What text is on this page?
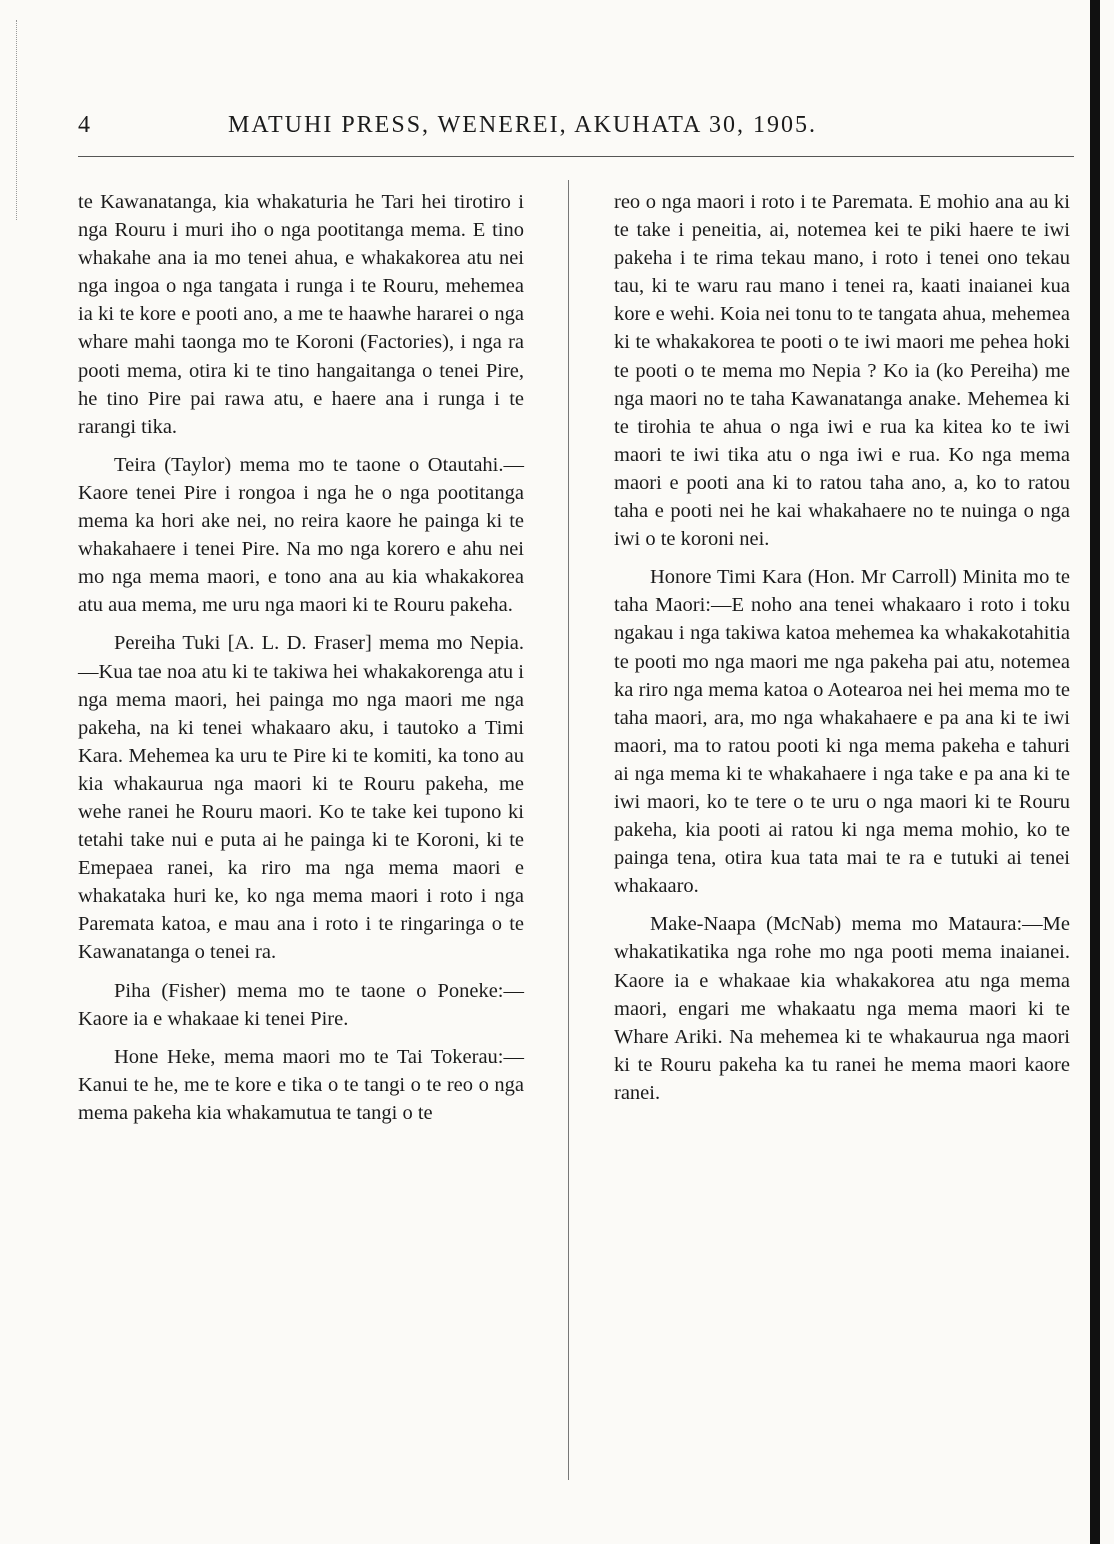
4	MATUHI PRESS, WENEREI, AKUHATA 30, 1905.

te Kawanatanga, kia whakaturia he Tari hei tirotiro i nga Rouru i muri iho o nga pootitanga mema. E tino whakahe ana ia mo tenei ahua, e whakakorea atu nei nga ingoa o nga tangata i runga i te Rouru, mehemea ia ki te kore e pooti ano, a me te haawhe hararei o nga whare mahi taonga mo te Koroni (Factories), i nga ra pooti mema, otira ki te tino hangaitanga o tenei Pire, he tino Pire pai rawa atu, e haere ana i runga i te rarangi tika.

Teira (Taylor) mema mo te taone o Otautahi.—Kaore tenei Pire i rongoa i nga he o nga pootitanga mema ka hori ake nei, no reira kaore he painga ki te whakahaere i tenei Pire. Na mo nga korero e ahu nei mo nga mema maori, e tono ana au kia whakakorea atu aua mema, me uru nga maori ki te Rouru pakeha.

Pereiha Tuki [A. L. D. Fraser] mema mo Nepia.—Kua tae noa atu ki te takiwa hei whakakorenga atu i nga mema maori, hei painga mo nga maori me nga pakeha, na ki tenei whakaaro aku, i tautoko a Timi Kara. Mehemea ka uru te Pire ki te komiti, ka tono au kia whakaurua nga maori ki te Rouru pakeha, me wehe ranei he Rouru maori. Ko te take kei tupono ki tetahi take nui e puta ai he painga ki te Koroni, ki te Emepaea ranei, ka riro ma nga mema maori e whakataka huri ke, ko nga mema maori i roto i nga Paremata katoa, e mau ana i roto i te ringaringa o te Kawanatanga o tenei ra.

Piha (Fisher) mema mo te taone o Poneke:—Kaore ia e whakaae ki tenei Pire.

Hone Heke, mema maori mo te Tai Tokerau:—Kanui te he, me te kore e tika o te tangi o te reo o nga mema pakeha kia whakamutua te tangi o te

reo o nga maori i roto i te Paremata. E mohio ana au ki te take i peneitia, ai, notemea kei te piki haere te iwi pakeha i te rima tekau mano, i roto i tenei ono tekau tau, ki te waru rau mano i tenei ra, kaati inaianei kua kore e wehi. Koia nei tonu to te tangata ahua, mehemea ki te whakakorea te pooti o te iwi maori me pehea hoki te pooti o te mema mo Nepia ? Ko ia (ko Pereiha) me nga maori no te taha Kawanatanga anake. Mehemea ki te tirohia te ahua o nga iwi e rua ka kitea ko te iwi maori te iwi tika atu o nga iwi e rua. Ko nga mema maori e pooti ana ki to ratou taha ano, a, ko to ratou taha e pooti nei he kai whakahaere no te nuinga o nga iwi o te koroni nei.

Honore Timi Kara (Hon. Mr Carroll) Minita mo te taha Maori:—E noho ana tenei whakaaro i roto i toku ngakau i nga takiwa katoa mehemea ka whakakotahitia te pooti mo nga maori me nga pakeha pai atu, notemea ka riro nga mema katoa o Aotearoa nei hei mema mo te taha maori, ara, mo nga whakahaere e pa ana ki te iwi maori, ma to ratou pooti ki nga mema pakeha e tahuri ai nga mema ki te whakahaere i nga take e pa ana ki te iwi maori, ko te tere o te uru o nga maori ki te Rouru pakeha, kia pooti ai ratou ki nga mema mohio, ko te painga tena, otira kua tata mai te ra e tutuki ai tenei whakaaro.

Make-Naapa (McNab) mema mo Mataura:—Me whakatikatika nga rohe mo nga pooti mema inaianei. Kaore ia e whakaae kia whakakorea atu nga mema maori, engari me whakaatu nga mema maori ki te Whare Ariki. Na mehemea ki te whakaurua nga maori ki te Rouru pakeha ka tu ranei he mema maori kaore ranei.
